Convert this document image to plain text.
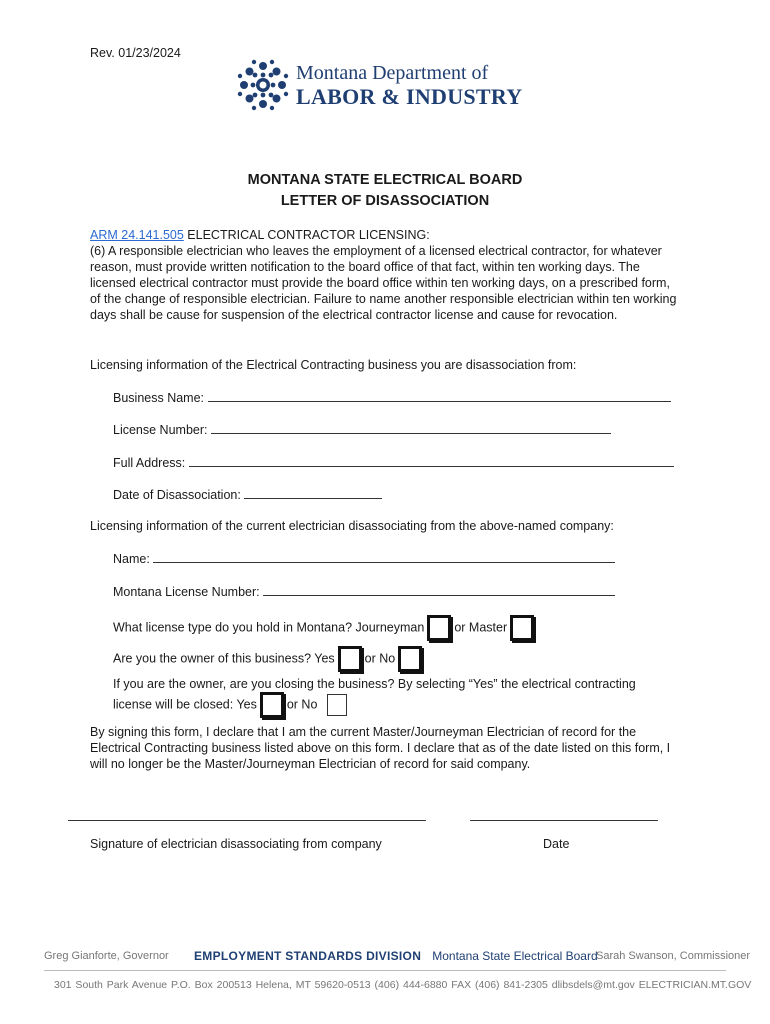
Rev. 01/23/2024
Montana Department of
LABOR & INDUSTRY
MONTANA STATE ELECTRICAL BOARD
LETTER OF DISASSOCIATION
ARM 24.141.505 ELECTRICAL CONTRACTOR LICENSING:
(6) A responsible electrician who leaves the employment of a licensed electrical contractor, for whatever reason, must provide written notification to the board office of that fact, within ten working days. The licensed electrical contractor must provide the board office within ten working days, on a prescribed form, of the change of responsible electrician. Failure to name another responsible electrician within ten working days shall be cause for suspension of the electrical contractor license and cause for revocation.
Licensing information of the Electrical Contracting business you are disassociation from:
Business Name:
License Number:
Full Address:
Date of Disassociation:
Licensing information of the current electrician disassociating from the above-named company:
Name:
Montana License Number:
What license type do you hold in Montana? Journeyman or Master
Are you the owner of this business? Yes or No
If you are the owner, are you closing the business? By selecting “Yes” the electrical contracting
license will be closed: Yes or No
By signing this form, I declare that I am the current Master/Journeyman Electrician of record for the Electrical Contracting business listed above on this form. I declare that as of the date listed on this form, I will no longer be the Master/Journeyman Electrician of record for said company.
Signature of electrician disassociating from company	Date
Greg Gianforte, Governor EMPLOYMENT STANDARDS DIVISION Montana State Electrical Board
Sarah Swanson, Commissioner
301 South Park Avenue P.O. Box 200513 Helena, MT 59620-0513 (406) 444-6880 FAX (406) 841-2305 dlibsdels@mt.gov ELECTRICIAN.MT.GOV
